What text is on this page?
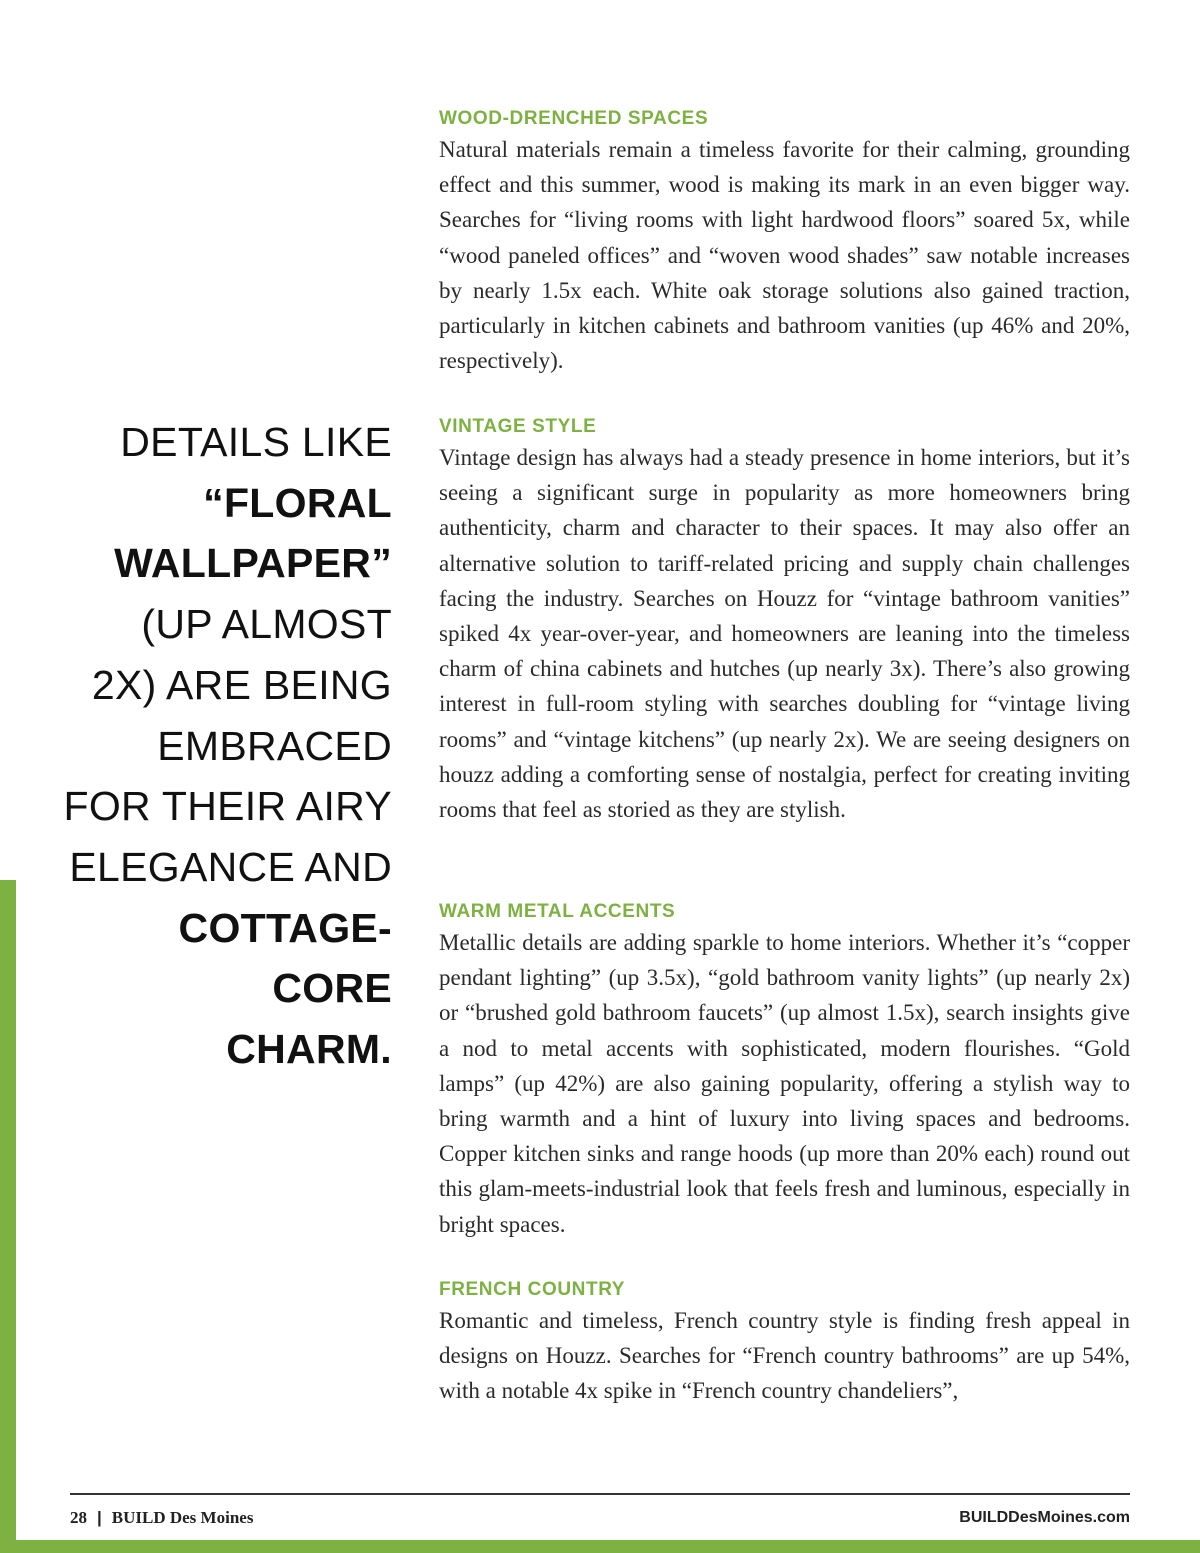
DETAILS LIKE
“FLORAL
WALLPAPER”
(UP ALMOST
2X) ARE BEING
EMBRACED
FOR THEIR AIRY
ELEGANCE AND
COTTAGE-CORE
CHARM.
WOOD-DRENCHED SPACES

Natural materials remain a timeless favorite for their calming, grounding effect and this summer, wood is making its mark in an even bigger way. Searches for “living rooms with light hardwood floors” soared 5x, while “wood paneled offices” and “woven wood shades” saw notable increases by nearly 1.5x each. White oak storage solutions also gained traction, particularly in kitchen cabinets and bathroom vanities (up 46% and 20%, respectively).

VINTAGE STYLE

Vintage design has always had a steady presence in home interiors, but it’s seeing a significant surge in popularity as more homeowners bring authenticity, charm and character to their spaces. It may also offer an alternative solution to tariff-related pricing and supply chain challenges facing the industry. Searches on Houzz for “vintage bathroom vanities” spiked 4x year-over-year, and homeowners are leaning into the timeless charm of china cabinets and hutches (up nearly 3x). There’s also growing interest in full-room styling with searches doubling for “vintage living rooms” and “vintage kitchens” (up nearly 2x). We are seeing designers on houzz adding a comforting sense of nostalgia, perfect for creating inviting rooms that feel as storied as they are stylish.

WARM METAL ACCENTS

Metallic details are adding sparkle to home interiors. Whether it’s “copper pendant lighting” (up 3.5x), “gold bathroom vanity lights” (up nearly 2x) or “brushed gold bathroom faucets” (up almost 1.5x), search insights give a nod to metal accents with sophisticated, modern flourishes. “Gold lamps” (up 42%) are also gaining popularity, offering a stylish way to bring warmth and a hint of luxury into living spaces and bedrooms. Copper kitchen sinks and range hoods (up more than 20% each) round out this glam-meets-industrial look that feels fresh and luminous, especially in bright spaces.

FRENCH COUNTRY

Romantic and timeless, French country style is finding fresh appeal in designs on Houzz. Searches for “French country bathrooms” are up 54%, with a notable 4x spike in “French country chandeliers”,

28 | BUILD Des Moines	BUILDDesMoines.com
